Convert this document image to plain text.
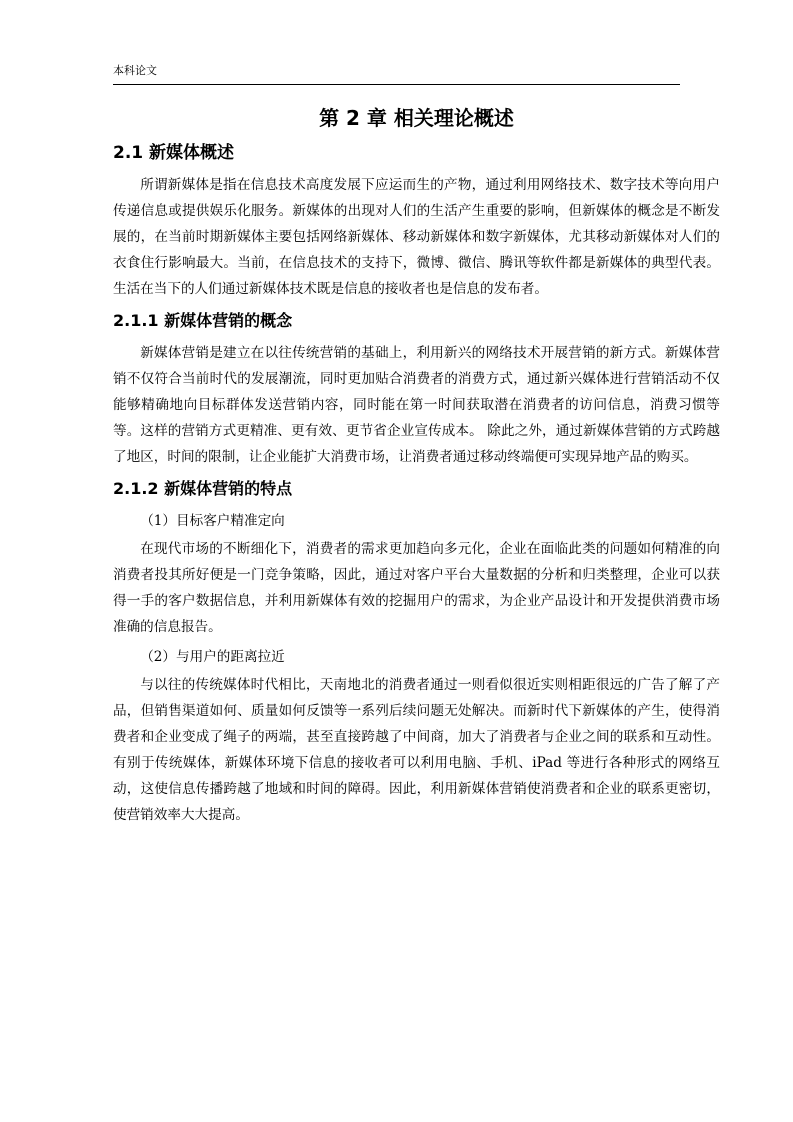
本科论文
第 2 章 相关理论概述
2.1 新媒体概述

所谓新媒体是指在信息技术高度发展下应运而生的产物，通过利用网络技术、数字技术等向用户传递信息或提供娱乐化服务。新媒体的出现对人们的生活产生重要的影响，但新媒体的概念是不断发展的，在当前时期新媒体主要包括网络新媒体、移动新媒体和数字新媒体，尤其移动新媒体对人们的衣食住行影响最大。当前，在信息技术的支持下，微博、微信、腾讯等软件都是新媒体的典型代表。生活在当下的人们通过新媒体技术既是信息的接收者也是信息的发布者。

2.1.1 新媒体营销的概念

新媒体营销是建立在以往传统营销的基础上，利用新兴的网络技术开展营销的新方式。新媒体营销不仅符合当前时代的发展潮流，同时更加贴合消费者的消费方式，通过新兴媒体进行营销活动不仅能够精确地向目标群体发送营销内容，同时能在第一时间获取潜在消费者的访问信息，消费习惯等等。这样的营销方式更精准、更有效、更节省企业宣传成本。 除此之外，通过新媒体营销的方式跨越了地区，时间的限制，让企业能扩大消费市场，让消费者通过移动终端便可实现异地产品的购买。

2.1.2 新媒体营销的特点
（1）目标客户精准定向

在现代市场的不断细化下，消费者的需求更加趋向多元化，企业在面临此类的问题如何精准的向消费者投其所好便是一门竞争策略，因此，通过对客户平台大量数据的分析和归类整理，企业可以获得一手的客户数据信息，并利用新媒体有效的挖掘用户的需求，为企业产品设计和开发提供消费市场准确的信息报告。

（2）与用户的距离拉近

与以往的传统媒体时代相比，天南地北的消费者通过一则看似很近实则相距很远的广告了解了产品，但销售渠道如何、质量如何反馈等一系列后续问题无处解决。而新时代下新媒体的产生，使得消费者和企业变成了绳子的两端，甚至直接跨越了中间商，加大了消费者与企业之间的联系和互动性。有别于传统媒体，新媒体环境下信息的接收者可以利用电脑、手机、iPad 等进行各种形式的网络互动，这使信息传播跨越了地域和时间的障碍。因此，利用新媒体营销使消费者和企业的联系更密切，使营销效率大大提高。
